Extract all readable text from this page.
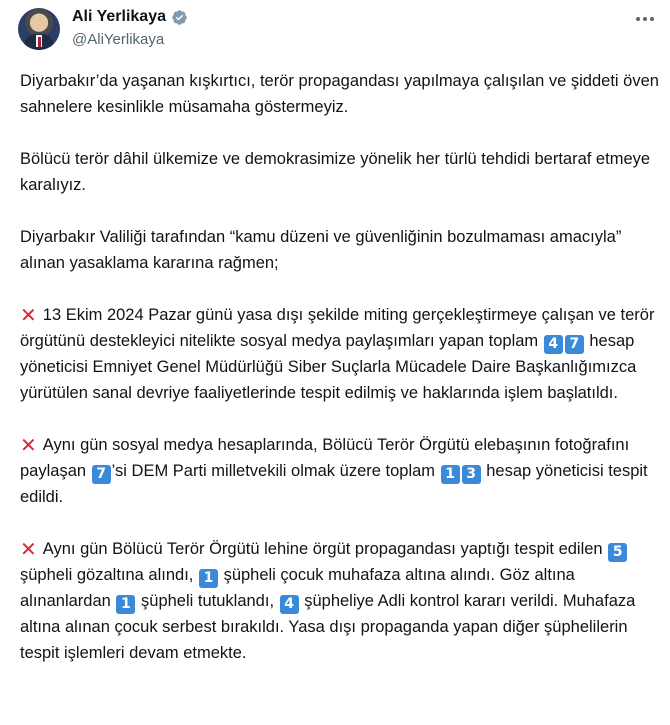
Ali Yerlikaya
@AliYerlikaya

Diyarbakır’da yaşanan kışkırtıcı, terör propagandası yapılmaya çalışılan ve şiddeti öven sahnelere kesinlikle müsamaha göstermeyiz.

Bölücü terör dâhil ülkemize ve demokrasimize yönelik her türlü tehdidi bertaraf etmeye karalıyız.

Diyarbakır Valiliği tarafından “kamu düzeni ve güvenliğinin bozulmaması amacıyla” alınan yasaklama kararına rağmen;

✕ 13 Ekim 2024 Pazar günü yasa dışı şekilde miting gerçekleştirmeye çalışan ve terör örgütünü destekleyici nitelikte sosyal medya paylaşımları yapan toplam 4 7 hesap yöneticisi Emniyet Genel Müdürlüğü Siber Suçlarla Mücadele Daire Başkanlığımızca yürütülen sanal devriye faaliyetlerinde tespit edilmiş ve haklarında işlem başlatıldı.

✕ Aynı gün sosyal medya hesaplarında, Bölücü Terör Örgütü elebaşının fotoğrafını paylaşan 7 ’si DEM Parti milletvekili olmak üzere toplam 1 3 hesap yöneticisi tespit edildi.

✕ Aynı gün Bölücü Terör Örgütü lehine örgüt propagandası yaptığı tespit edilen 5 şüpheli gözaltına alındı, 1 şüpheli çocuk muhafaza altına alındı. Göz altına alınanlardan 1 şüpheli tutuklandı, 4 şüpheliye Adli kontrol kararı verildi. Muhafaza altına alınan çocuk serbest bırakıldı. Yasa dışı propaganda yapan diğer şüphelilerin tespit işlemleri devam etmekte.
